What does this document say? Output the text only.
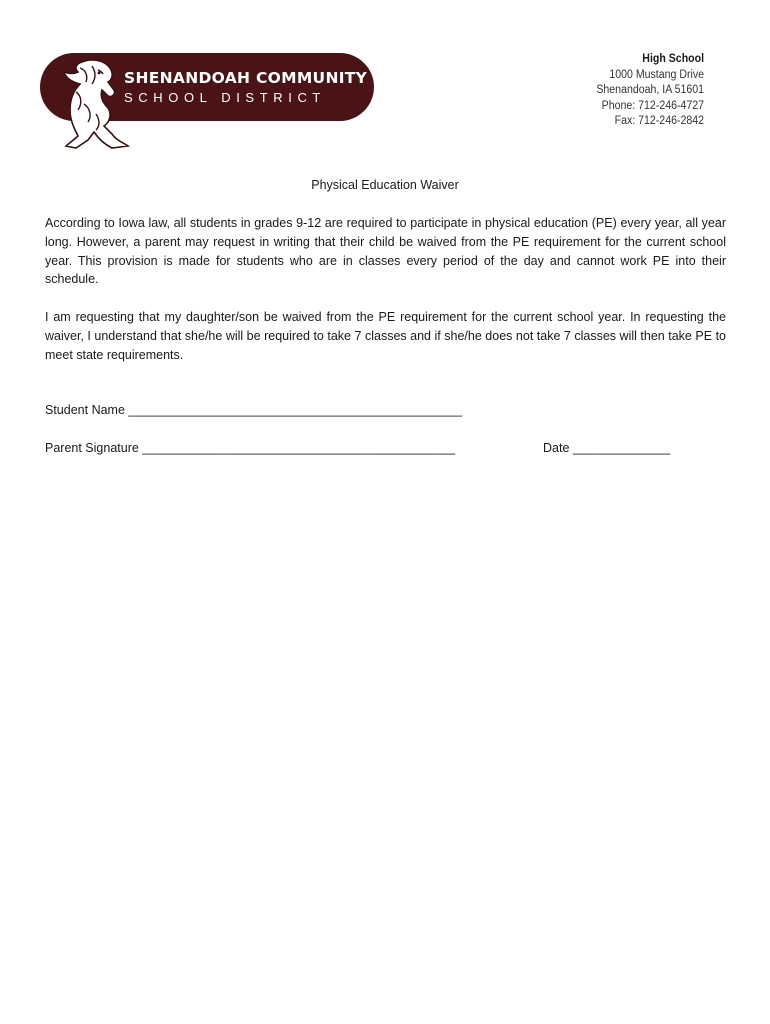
SHENANDOAH COMMUNITY
SCHOOL DISTRICT
High School
1000 Mustang Drive
Shenandoah, IA 51601
Phone: 712-246-4727
Fax: 712-246-2842
Physical Education Waiver

According to Iowa law, all students in grades 9-12 are required to participate in physical education (PE) every year, all year long. However, a parent may request in writing that their child be waived from the PE requirement for the current school year. This provision is made for students who are in classes every period of the day and cannot work PE into their schedule.

I am requesting that my daughter/son be waived from the PE requirement for the current school year. In requesting the waiver, I understand that she/he will be required to take 7 classes and if she/he does not take 7 classes will then take PE to meet state requirements.

Student Name ________________________________________________
Parent Signature _____________________________________________	Date ______________
